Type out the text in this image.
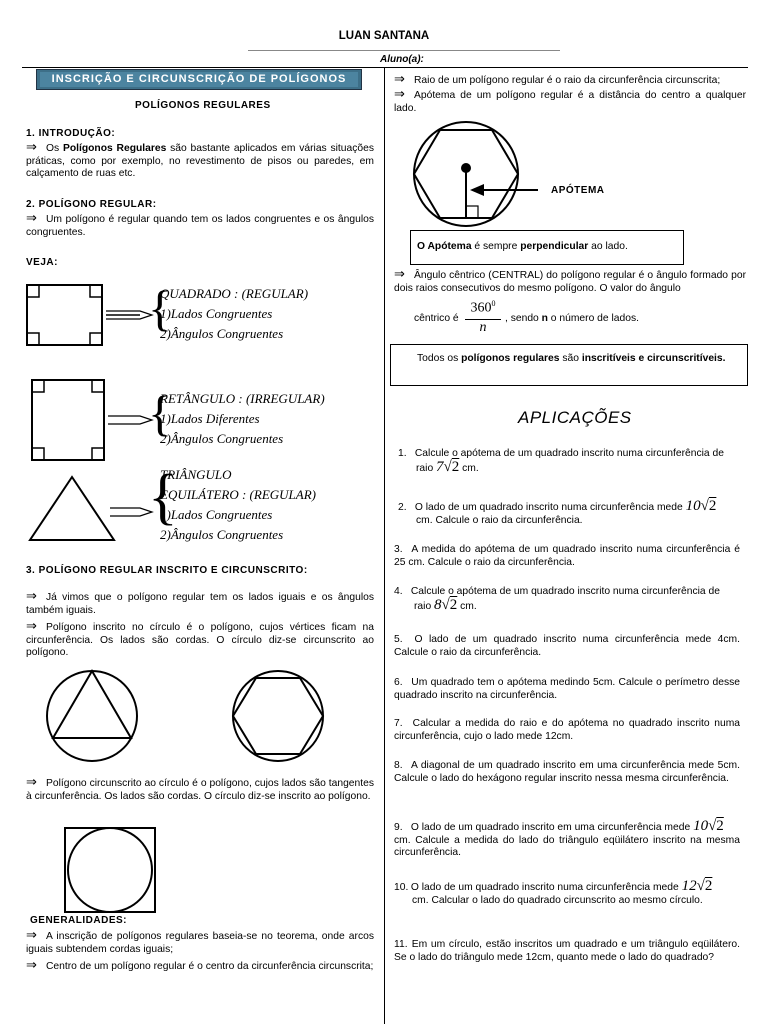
LUAN SANTANA
Aluno(a):
INSCRIÇÃO E CIRCUNSCRIÇÃO DE POLÍGONOS
POLÍGONOS REGULARES
1. INTRODUÇÃO:
⇒ Os Polígonos Regulares são bastante aplicados em várias situações práticas, como por exemplo, no revestimento de pisos ou paredes, em calçamento de ruas etc.
2. POLÍGONO REGULAR:
⇒ Um polígono é regular quando tem os lados congruentes e os ângulos congruentes.
VEJA:
{
QUADRADO : (REGULAR)
1)Lados Congruentes
2)Ângulos Congruentes
{
RETÂNGULO : (IRREGULAR)
1)Lados Diferentes
2)Ângulos Congruentes
{
TRIÂNGULO
EQUILÁTERO : (REGULAR)
1)Lados Congruentes
2)Ângulos Congruentes
3. POLÍGONO REGULAR INSCRITO E CIRCUNSCRITO:
⇒ Já vimos que o polígono regular tem os lados iguais e os ângulos também iguais.
⇒ Polígono inscrito no círculo é o polígono, cujos vértices ficam na circunferência. Os lados são cordas. O círculo diz-se circunscrito ao polígono.
⇒ Polígono circunscrito ao círculo é o polígono, cujos lados são tangentes à circunferência. Os lados são cordas. O círculo diz-se inscrito ao polígono.
GENERALIDADES:
⇒ A inscrição de polígonos regulares baseia-se no teorema, onde arcos iguais subtendem cordas iguais;
⇒ Centro de um polígono regular é o centro da circunferência circunscrita;
⇒ Raio de um polígono regular é o raio da circunferência circunscrita;
⇒ Apótema de um polígono regular é a distância do centro a qualquer lado.
APÓTEMA
O Apótema é sempre perpendicular ao lado.
⇒ Ângulo cêntrico (CENTRAL) do polígono regular é o ângulo formado por dois raios consecutivos do mesmo polígono. O valor do ângulo
cêntrico é $\frac{360^0}{n}$ , sendo n o número de lados.
Todos os polígonos regulares são inscritíveis e circunscritíveis.
APLICAÇÕES
1. Calcule o apótema de um quadrado inscrito numa circunferência de
raio 7√2 cm.
2. O lado de um quadrado inscrito numa circunferência mede 10√2
cm. Calcule o raio da circunferência.
3. A medida do apótema de um quadrado inscrito numa circunferência é 25 cm. Calcule o raio da circunferência.
4. Calcule o apótema de um quadrado inscrito numa circunferência de
raio 8√2 cm.
5. O lado de um quadrado inscrito numa circunferência mede 4cm. Calcule o raio da circunferência.
6. Um quadrado tem o apótema medindo 5cm. Calcule o perímetro desse quadrado inscrito na circunferência.
7. Calcular a medida do raio e do apótema no quadrado inscrito numa circunferência, cujo o lado mede 12cm.
8. A diagonal de um quadrado inscrito em uma circunferência mede 5cm. Calcule o lado do hexágono regular inscrito nessa mesma circunferência.
9. O lado de um quadrado inscrito em uma circunferência mede 10√2
cm. Calcule a medida do lado do triângulo eqüilátero inscrito na mesma circunferência.
10. O lado de um quadrado inscrito numa circunferência mede 12√2
cm. Calcular o lado do quadrado circunscrito ao mesmo círculo.
11. Em um círculo, estão inscritos um quadrado e um triângulo eqüilátero. Se o lado do triângulo mede 12cm, quanto mede o lado do quadrado?
